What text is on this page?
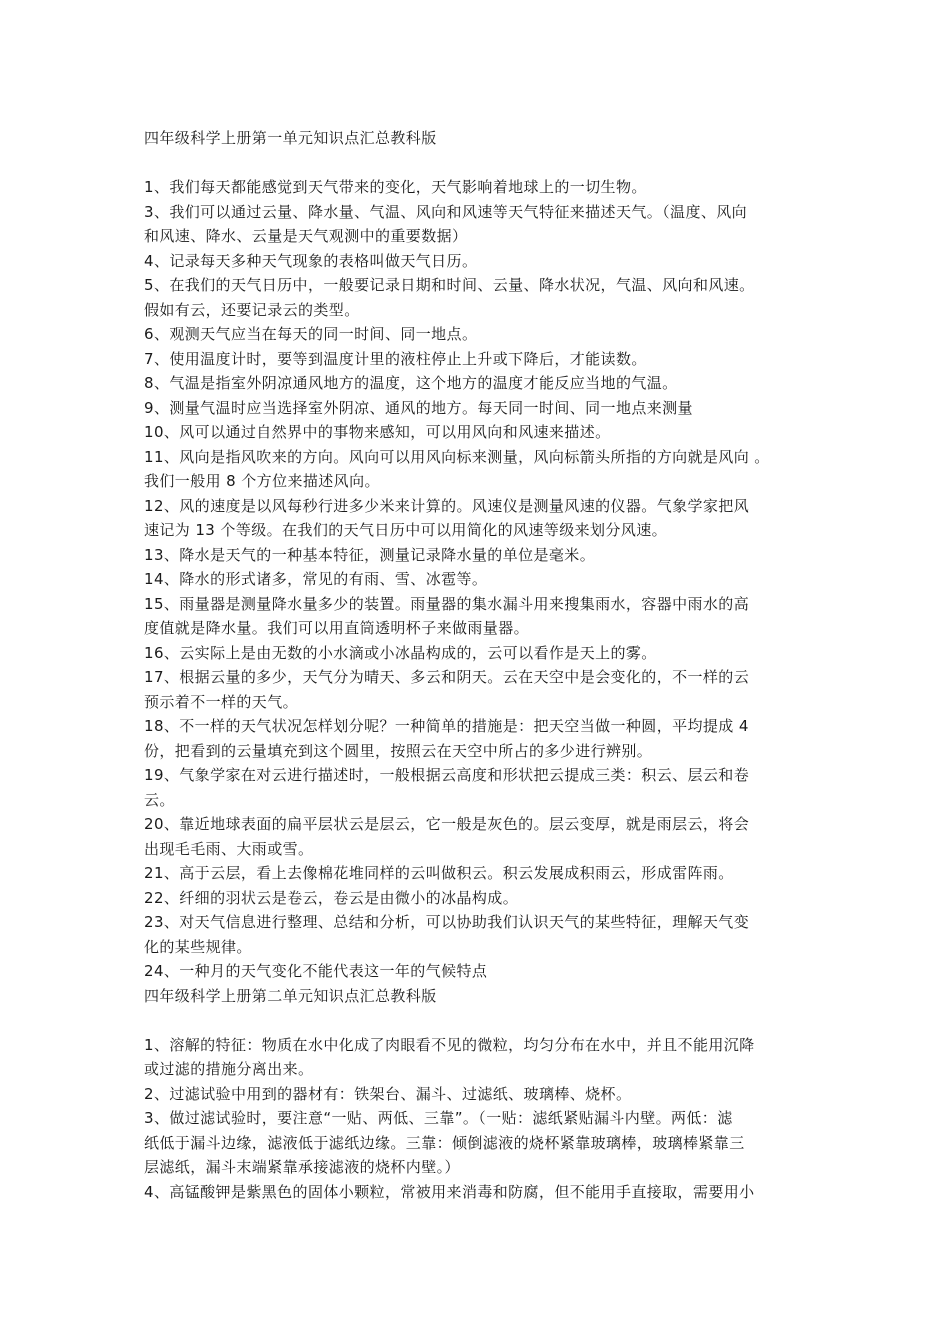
四年级科学上册第一单元知识点汇总教科版
1、我们每天都能感觉到天气带来的变化，天气影响着地球上的一切生物。
3、我们可以通过云量、降水量、气温、风向和风速等天气特征来描述天气。（温度、风向
和风速、降水、云量是天气观测中的重要数据）
4、记录每天多种天气现象的表格叫做天气日历。
5、在我们的天气日历中，一般要记录日期和时间、云量、降水状况，气温、风向和风速。
假如有云，还要记录云的类型。
6、观测天气应当在每天的同一时间、同一地点。
7、使用温度计时，要等到温度计里的液柱停止上升或下降后，才能读数。
8、气温是指室外阴凉通风地方的温度，这个地方的温度才能反应当地的气温。
9、测量气温时应当选择室外阴凉、通风的地方。每天同一时间、同一地点来测量
10、风可以通过自然界中的事物来感知，可以用风向和风速来描述。
11、风向是指风吹来的方向。风向可以用风向标来测量，风向标箭头所指的方向就是风向 。
我们一般用 8 个方位来描述风向。
12、风的速度是以风每秒行进多少米来计算的。风速仪是测量风速的仪器。气象学家把风
速记为 13 个等级。在我们的天气日历中可以用简化的风速等级来划分风速。
13、降水是天气的一种基本特征，测量记录降水量的单位是毫米。
14、降水的形式诸多，常见的有雨、雪、冰雹等。
15、雨量器是测量降水量多少的装置。雨量器的集水漏斗用来搜集雨水，容器中雨水的高
度值就是降水量。我们可以用直筒透明杯子来做雨量器。
16、云实际上是由无数的小水滴或小冰晶构成的，云可以看作是天上的雾。
17、根据云量的多少，天气分为晴天、多云和阴天。云在天空中是会变化的，不一样的云
预示着不一样的天气。
18、不一样的天气状况怎样划分呢？一种简单的措施是：把天空当做一种圆，平均提成 4
份，把看到的云量填充到这个圆里，按照云在天空中所占的多少进行辨别。
19、气象学家在对云进行描述时，一般根据云高度和形状把云提成三类：积云、层云和卷
云。
20、靠近地球表面的扁平层状云是层云，它一般是灰色的。层云变厚，就是雨层云，将会
出现毛毛雨、大雨或雪。
21、高于云层，看上去像棉花堆同样的云叫做积云。积云发展成积雨云，形成雷阵雨。
22、纤细的羽状云是卷云，卷云是由微小的冰晶构成。
23、对天气信息进行整理、总结和分析，可以协助我们认识天气的某些特征，理解天气变
化的某些规律。
24、一种月的天气变化不能代表这一年的气候特点
四年级科学上册第二单元知识点汇总教科版
1、溶解的特征：物质在水中化成了肉眼看不见的微粒，均匀分布在水中，并且不能用沉降
或过滤的措施分离出来。
2、过滤试验中用到的器材有：铁架台、漏斗、过滤纸、玻璃棒、烧杯。
3、做过滤试验时，要注意“一贴、两低、三靠”。（一贴：滤纸紧贴漏斗内壁。两低：滤
纸低于漏斗边缘，滤液低于滤纸边缘。三靠：倾倒滤液的烧杯紧靠玻璃棒，玻璃棒紧靠三
层滤纸，漏斗末端紧靠承接滤液的烧杯内壁。）
4、高锰酸钾是紫黑色的固体小颗粒，常被用来消毒和防腐，但不能用手直接取，需要用小
